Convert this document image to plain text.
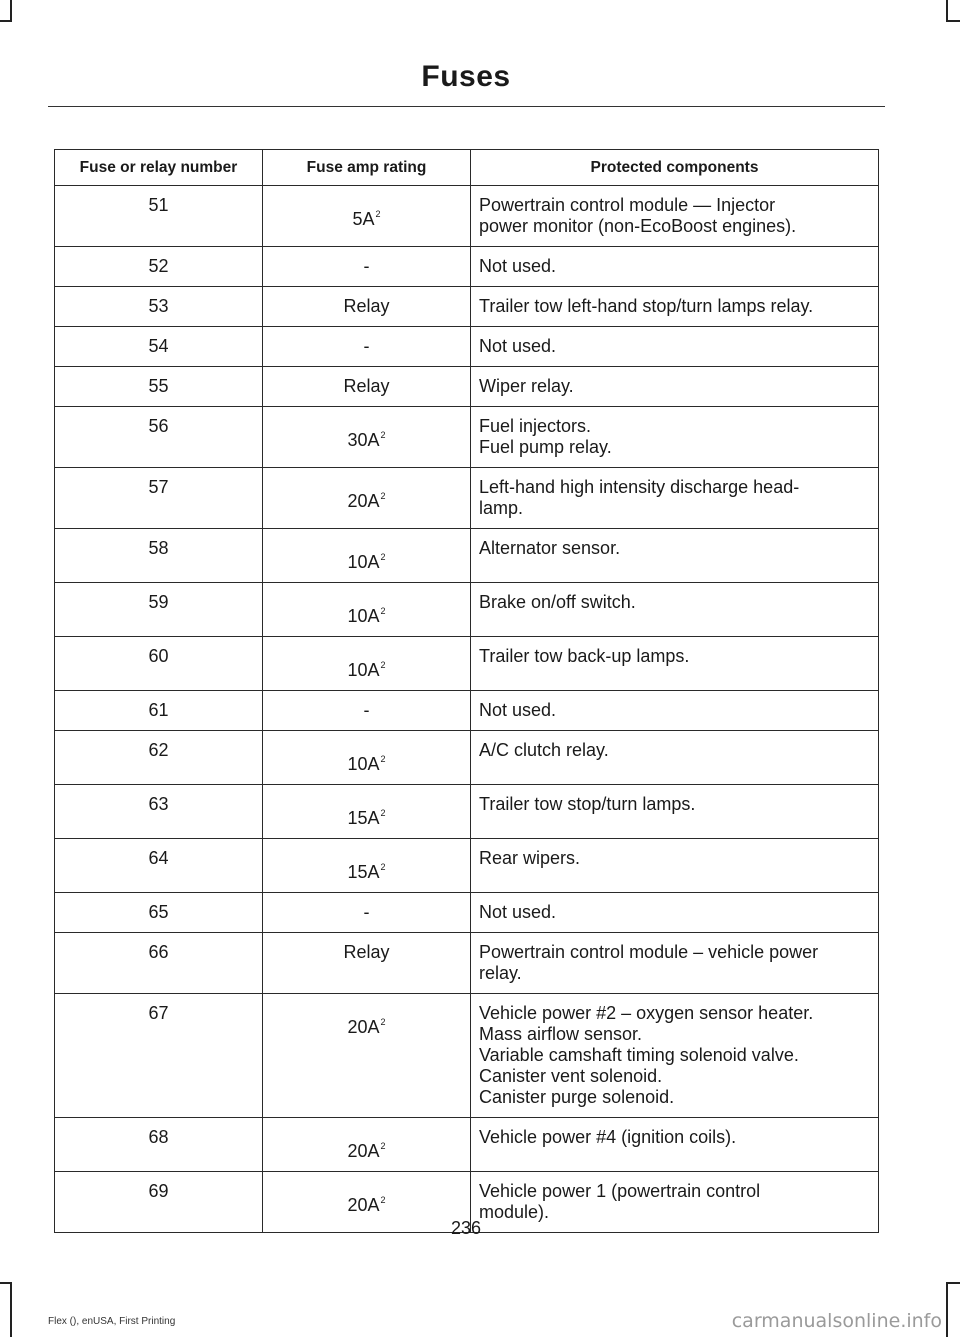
Fuses
Fuse or relay number	Fuse amp rating	Protected components
51	$5A^2$	Powertrain control module — Injector
power monitor (non-EcoBoost engines).
52	-	Not used.
53	Relay	Trailer tow left-hand stop/turn lamps relay.
54	-	Not used.
55	Relay	Wiper relay.
56	$30A^2$	Fuel injectors.
Fuel pump relay.
57	$20A^2$	Left-hand high intensity discharge head-
lamp.
58	$10A^2$	Alternator sensor.
59	$10A^2$	Brake on/off switch.
60	$10A^2$	Trailer tow back-up lamps.
61	-	Not used.
62	$10A^2$	A/C clutch relay.
63	$15A^2$	Trailer tow stop/turn lamps.
64	$15A^2$	Rear wipers.
65	-	Not used.
66	Relay	Powertrain control module – vehicle power
relay.
67	$20A^2$	Vehicle power #2 – oxygen sensor heater.
Mass airflow sensor.
Variable camshaft timing solenoid valve.
Canister vent solenoid.
Canister purge solenoid.
68	$20A^2$	Vehicle power #4 (ignition coils).
69	$20A^2$	Vehicle power 1 (powertrain control
module).

236

Flex (), enUSA, First Printing	carmanualsonline.info
